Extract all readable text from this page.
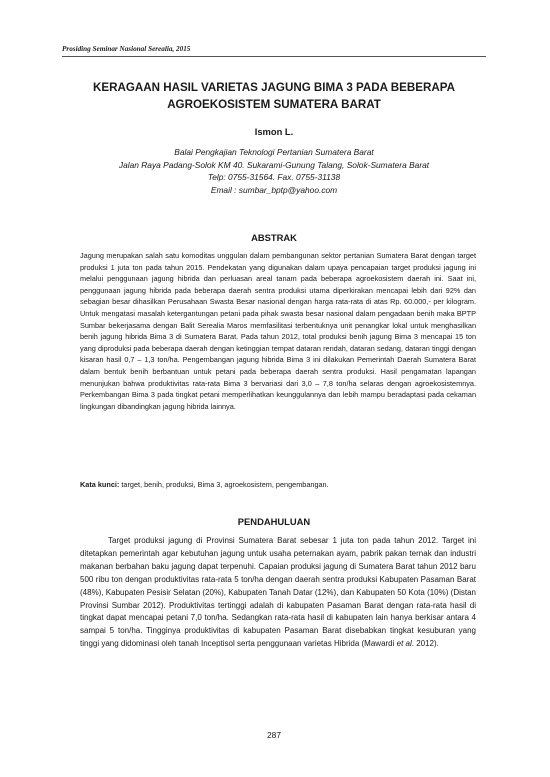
Prosiding Seminar Nasional Serealia, 2015
KERAGAAN HASIL VARIETAS JAGUNG BIMA 3 PADA BEBERAPA
AGROEKOSISTEM SUMATERA BARAT

Ismon L.

Balai Pengkajian Teknologi Pertanian Sumatera Barat
Jalan Raya Padang-Solok KM 40. Sukarami-Gunung Talang, Solok-Sumatera Barat
Telp: 0755-31564. Fax. 0755-31138
Email : sumbar_bptp@yahoo.com
ABSTRAK

Jagung merupakan salah satu komoditas unggulan dalam pembangunan sektor pertanian Sumatera Barat dengan target produksi 1 juta ton pada tahun 2015. Pendekatan yang digunakan dalam upaya pencapaian target produksi jagung ini melalui penggunaan jagung hibrida dan perluasan areal tanam pada beberapa agroekosistem daerah ini. Saat ini, penggunaan jagung hibrida pada beberapa daerah sentra produksi utama diperkirakan mencapai lebih dari 92% dan sebagian besar dihasilkan Perusahaan Swasta Besar nasional dengan harga rata-rata di atas Rp. 60.000,- per kilogram. Untuk mengatasi masalah ketergantungan petani pada pihak swasta besar nasional dalam pengadaan benih maka BPTP Sumbar bekerjasama dengan Balit Serealia Maros memfasilitasi terbentuknya unit penangkar lokal untuk menghasilkan benih jagung hibrida Bima 3 di Sumatera Barat. Pada tahun 2012, total produksi benih jagung Bima 3 mencapai 15 ton yang diproduksi pada beberapa daerah dengan ketinggian tempat dataran rendah, dataran sedang, dataran tinggi dengan kisaran hasil 0,7 – 1,3 ton/ha. Pengembangan jagung hibrida Bima 3 ini dilakukan Pemerintah Daerah Sumatera Barat dalam bentuk benih berbantuan untuk petani pada beberapa daerah sentra produksi. Hasil pengamatan lapangan menunjukan bahwa produktivitas rata-rata Bima 3 bervariasi dari 3,0 – 7,8 ton/ha selaras dengan agroekosistemnya. Perkembangan Bima 3 pada tingkat petani memperlihatkan keunggulannya dan lebih mampu beradaptasi pada cekaman lingkungan dibandingkan jagung hibrida lainnya.

Kata kunci: target, benih, produksi, Bima 3, agroekosistem, pengembangan.

PENDAHULUAN

Target produksi jagung di Provinsi Sumatera Barat sebesar 1 juta ton pada tahun 2012. Target ini ditetapkan pemerintah agar kebutuhan jagung untuk usaha peternakan ayam, pabrik pakan ternak dan industri makanan berbahan baku jagung dapat terpenuhi. Capaian produksi jagung di Sumatera Barat tahun 2012 baru 500 ribu ton dengan produktivitas rata-rata 5 ton/ha dengan daerah sentra produksi Kabupaten Pasaman Barat (48%), Kabupaten Pesisir Selatan (20%), Kabupaten Tanah Datar (12%), dan Kabupaten 50 Kota (10%) (Distan Provinsi Sumbar 2012). Produktivitas tertinggi adalah di kabupaten Pasaman Barat dengan rata-rata hasil di tingkat dapat mencapai petani 7,0 ton/ha. Sedangkan rata-rata hasil di kabupaten lain hanya berkisar antara 4 sampai 5 ton/ha. Tingginya produktivitas di kabupaten Pasaman Barat disebabkan tingkat kesuburan yang tinggi yang didominasi oleh tanah Inceptisol serta penggunaan varietas Hibrida (Mawardi et al. 2012).

287
